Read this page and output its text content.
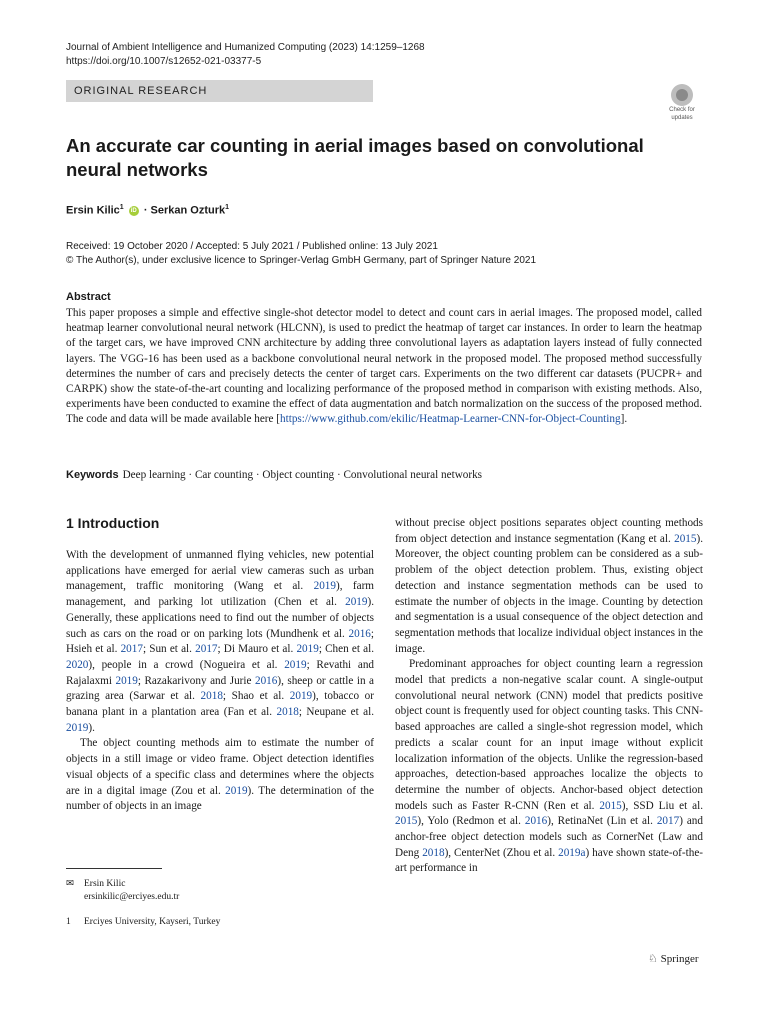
Journal of Ambient Intelligence and Humanized Computing (2023) 14:1259–1268
https://doi.org/10.1007/s12652-021-03377-5
ORIGINAL RESEARCH
Check for
updates
An accurate car counting in aerial images based on convolutional neural networks
Ersin Kilic$^1$ iD · Serkan Ozturk$^1$
Received: 19 October 2020 / Accepted: 5 July 2021 / Published online: 13 July 2021
© The Author(s), under exclusive licence to Springer-Verlag GmbH Germany, part of Springer Nature 2021
Abstract
This paper proposes a simple and effective single-shot detector model to detect and count cars in aerial images. The proposed model, called heatmap learner convolutional neural network (HLCNN), is used to predict the heatmap of target car instances. In order to learn the heatmap of the target cars, we have improved CNN architecture by adding three convolutional layers as adaptation layers instead of fully connected layers. The VGG-16 has been used as a backbone convolutional neural network in the proposed model. The proposed method successfully determines the number of cars and precisely detects the center of target cars. Experiments on the two different car datasets (PUCPR+ and CARPK) show the state-of-the-art counting and localizing performance of the proposed method in comparison with existing methods. Also, experiments have been conducted to examine the effect of data augmentation and batch normalization on the success of the proposed method. The code and data will be made available here [https://www.github.com/ekilic/Heatmap-Learner-CNN-for-Object-Counting].
Keywords Deep learning · Car counting · Object counting · Convolutional neural networks
1 Introduction

With the development of unmanned flying vehicles, new potential applications have emerged for aerial view cameras such as urban management, traffic monitoring (Wang et al. 2019), farm management, and parking lot utilization (Chen et al. 2019). Generally, these applications need to find out the number of objects such as cars on the road or on parking lots (Mundhenk et al. 2016; Hsieh et al. 2017; Sun et al. 2017; Di Mauro et al. 2019; Chen et al. 2020), people in a crowd (Nogueira et al. 2019; Revathi and Rajalaxmi 2019; Razakarivony and Jurie 2016), sheep or cattle in a grazing area (Sarwar et al. 2018; Shao et al. 2019), tobacco or banana plant in a plantation area (Fan et al. 2018; Neupane et al. 2019).

The object counting methods aim to estimate the number of objects in a still image or video frame. Object detection identifies visual objects of a specific class and determines where the objects are in a digital image (Zou et al. 2019). The determination of the number of objects in an image

without precise object positions separates object counting methods from object detection and instance segmentation (Kang et al. 2015). Moreover, the object counting problem can be considered as a sub-problem of the object detection problem. Thus, existing object detection and instance segmentation methods can be used to estimate the number of objects in the image. Counting by detection and segmentation is a usual consequence of the object detection and segmentation methods that localize individual object instances in the image.

Predominant approaches for object counting learn a regression model that predicts a non-negative scalar count. A single-output convolutional neural network (CNN) model that predicts positive object count is frequently used for object counting tasks. This CNN-based approaches are called a single-shot regression model, which predicts a scalar count for an input image without explicit localization information of the objects. Unlike the regression-based approaches, detection-based approaches localize the objects to determine the number of objects. Anchor-based object detection models such as Faster R-CNN (Ren et al. 2015), SSD Liu et al. 2015), Yolo (Redmon et al. 2016), RetinaNet (Lin et al. 2017) and anchor-free object detection models such as CornerNet (Law and Deng 2018), CenterNet (Zhou et al. 2019a) have shown state-of-the-art performance in

✉ Ersin Kilic
ersinkilic@erciyes.edu.tr
1 Erciyes University, Kayseri, Turkey
♘ Springer
